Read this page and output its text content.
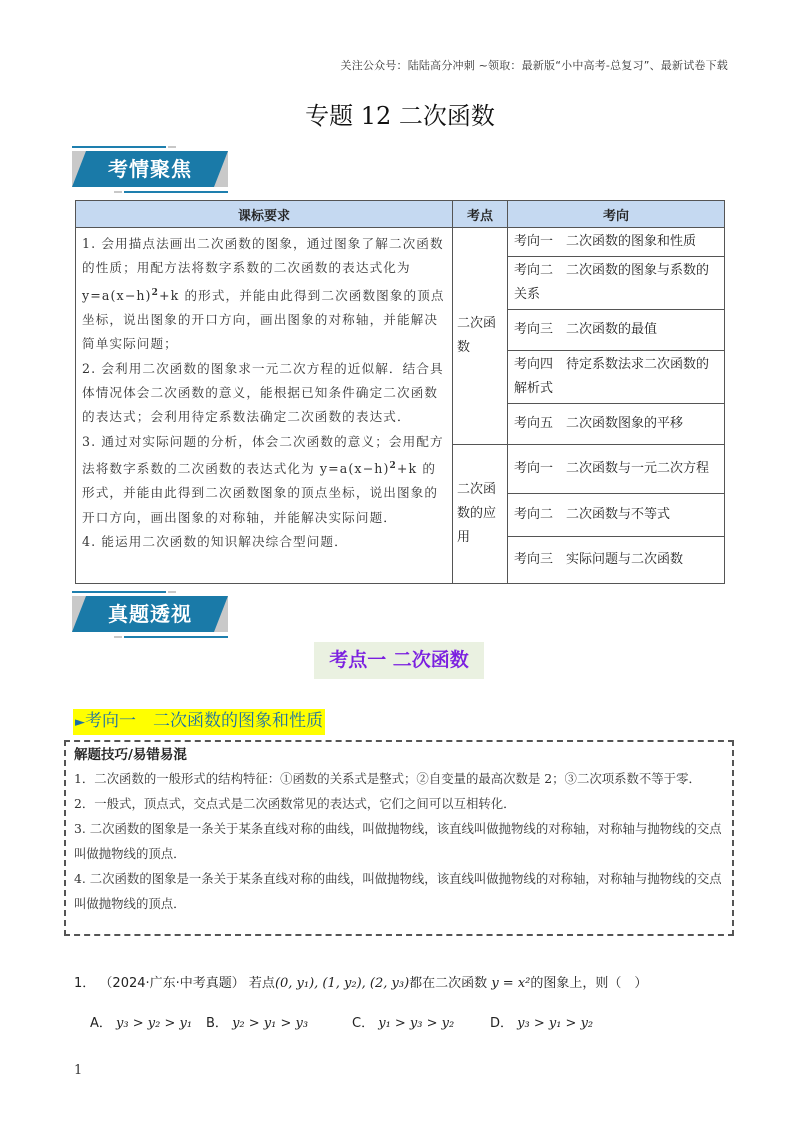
关注公众号：陆陆高分冲刺 ~领取：最新版“小中高考-总复习”、最新试卷下载
专题 12 二次函数
考情聚焦
课标要求	考点	考向
1. 会用描点法画出二次函数的图象，通过图象了解二次函数的性质；用配方法将数字系数的二次函数的表达式化为
$y=a(x-h)^2+k$ 的形式，并能由此得到二次函数图象的顶点坐标，说出图象的开口方向，画出图象的对称轴，并能解决简单实际问题；
2. 会利用二次函数的图象求一元二次方程的近似解．结合具体情况体会二次函数的意义，能根据已知条件确定二次函数的表达式；会利用待定系数法确定二次函数的表达式．
3. 通过对实际问题的分析，体会二次函数的意义；会用配方法将数字系数的二次函数的表达式化为 $y=a(x-h)^2+k$ 的形式，并能由此得到二次函数图象的顶点坐标，说出图象的开口方向，画出图象的对称轴，并能解决实际问题．
4. 能运用二次函数的知识解决综合型问题．	二次函数	考向一　二次函数的图象和性质
		考向二　二次函数的图象与系数的关系
		考向三　二次函数的最值
		考向四　待定系数法求二次函数的解析式
		考向五　二次函数图象的平移
	二次函数的应用	考向一　二次函数与一元二次方程
		考向二　二次函数与不等式
		考向三　实际问题与二次函数
真题透视
考点一 二次函数
►考向一　二次函数的图象和性质
解题技巧/易错易混
1．二次函数的一般形式的结构特征：①函数的关系式是整式；②自变量的最高次数是 2；③二次项系数不等于零．
2．一般式，顶点式，交点式是二次函数常见的表达式，它们之间可以互相转化．
3. 二次函数的图象是一条关于某条直线对称的曲线，叫做抛物线，该直线叫做抛物线的对称轴，对称轴与抛物线的交点叫做抛物线的顶点．
4. 二次函数的图象是一条关于某条直线对称的曲线，叫做抛物线，该直线叫做抛物线的对称轴，对称轴与抛物线的交点叫做抛物线的顶点．
1． （2024·广东·中考真题） 若点(0, y₁), (1, y₂), (2, y₃)都在二次函数 y = x²的图象上，则（　）
A． y₃ > y₂ > y₁ B． y₂ > y₁ > y₃	C． y₁ > y₃ > y₂	D． y₃ > y₁ > y₂
1
